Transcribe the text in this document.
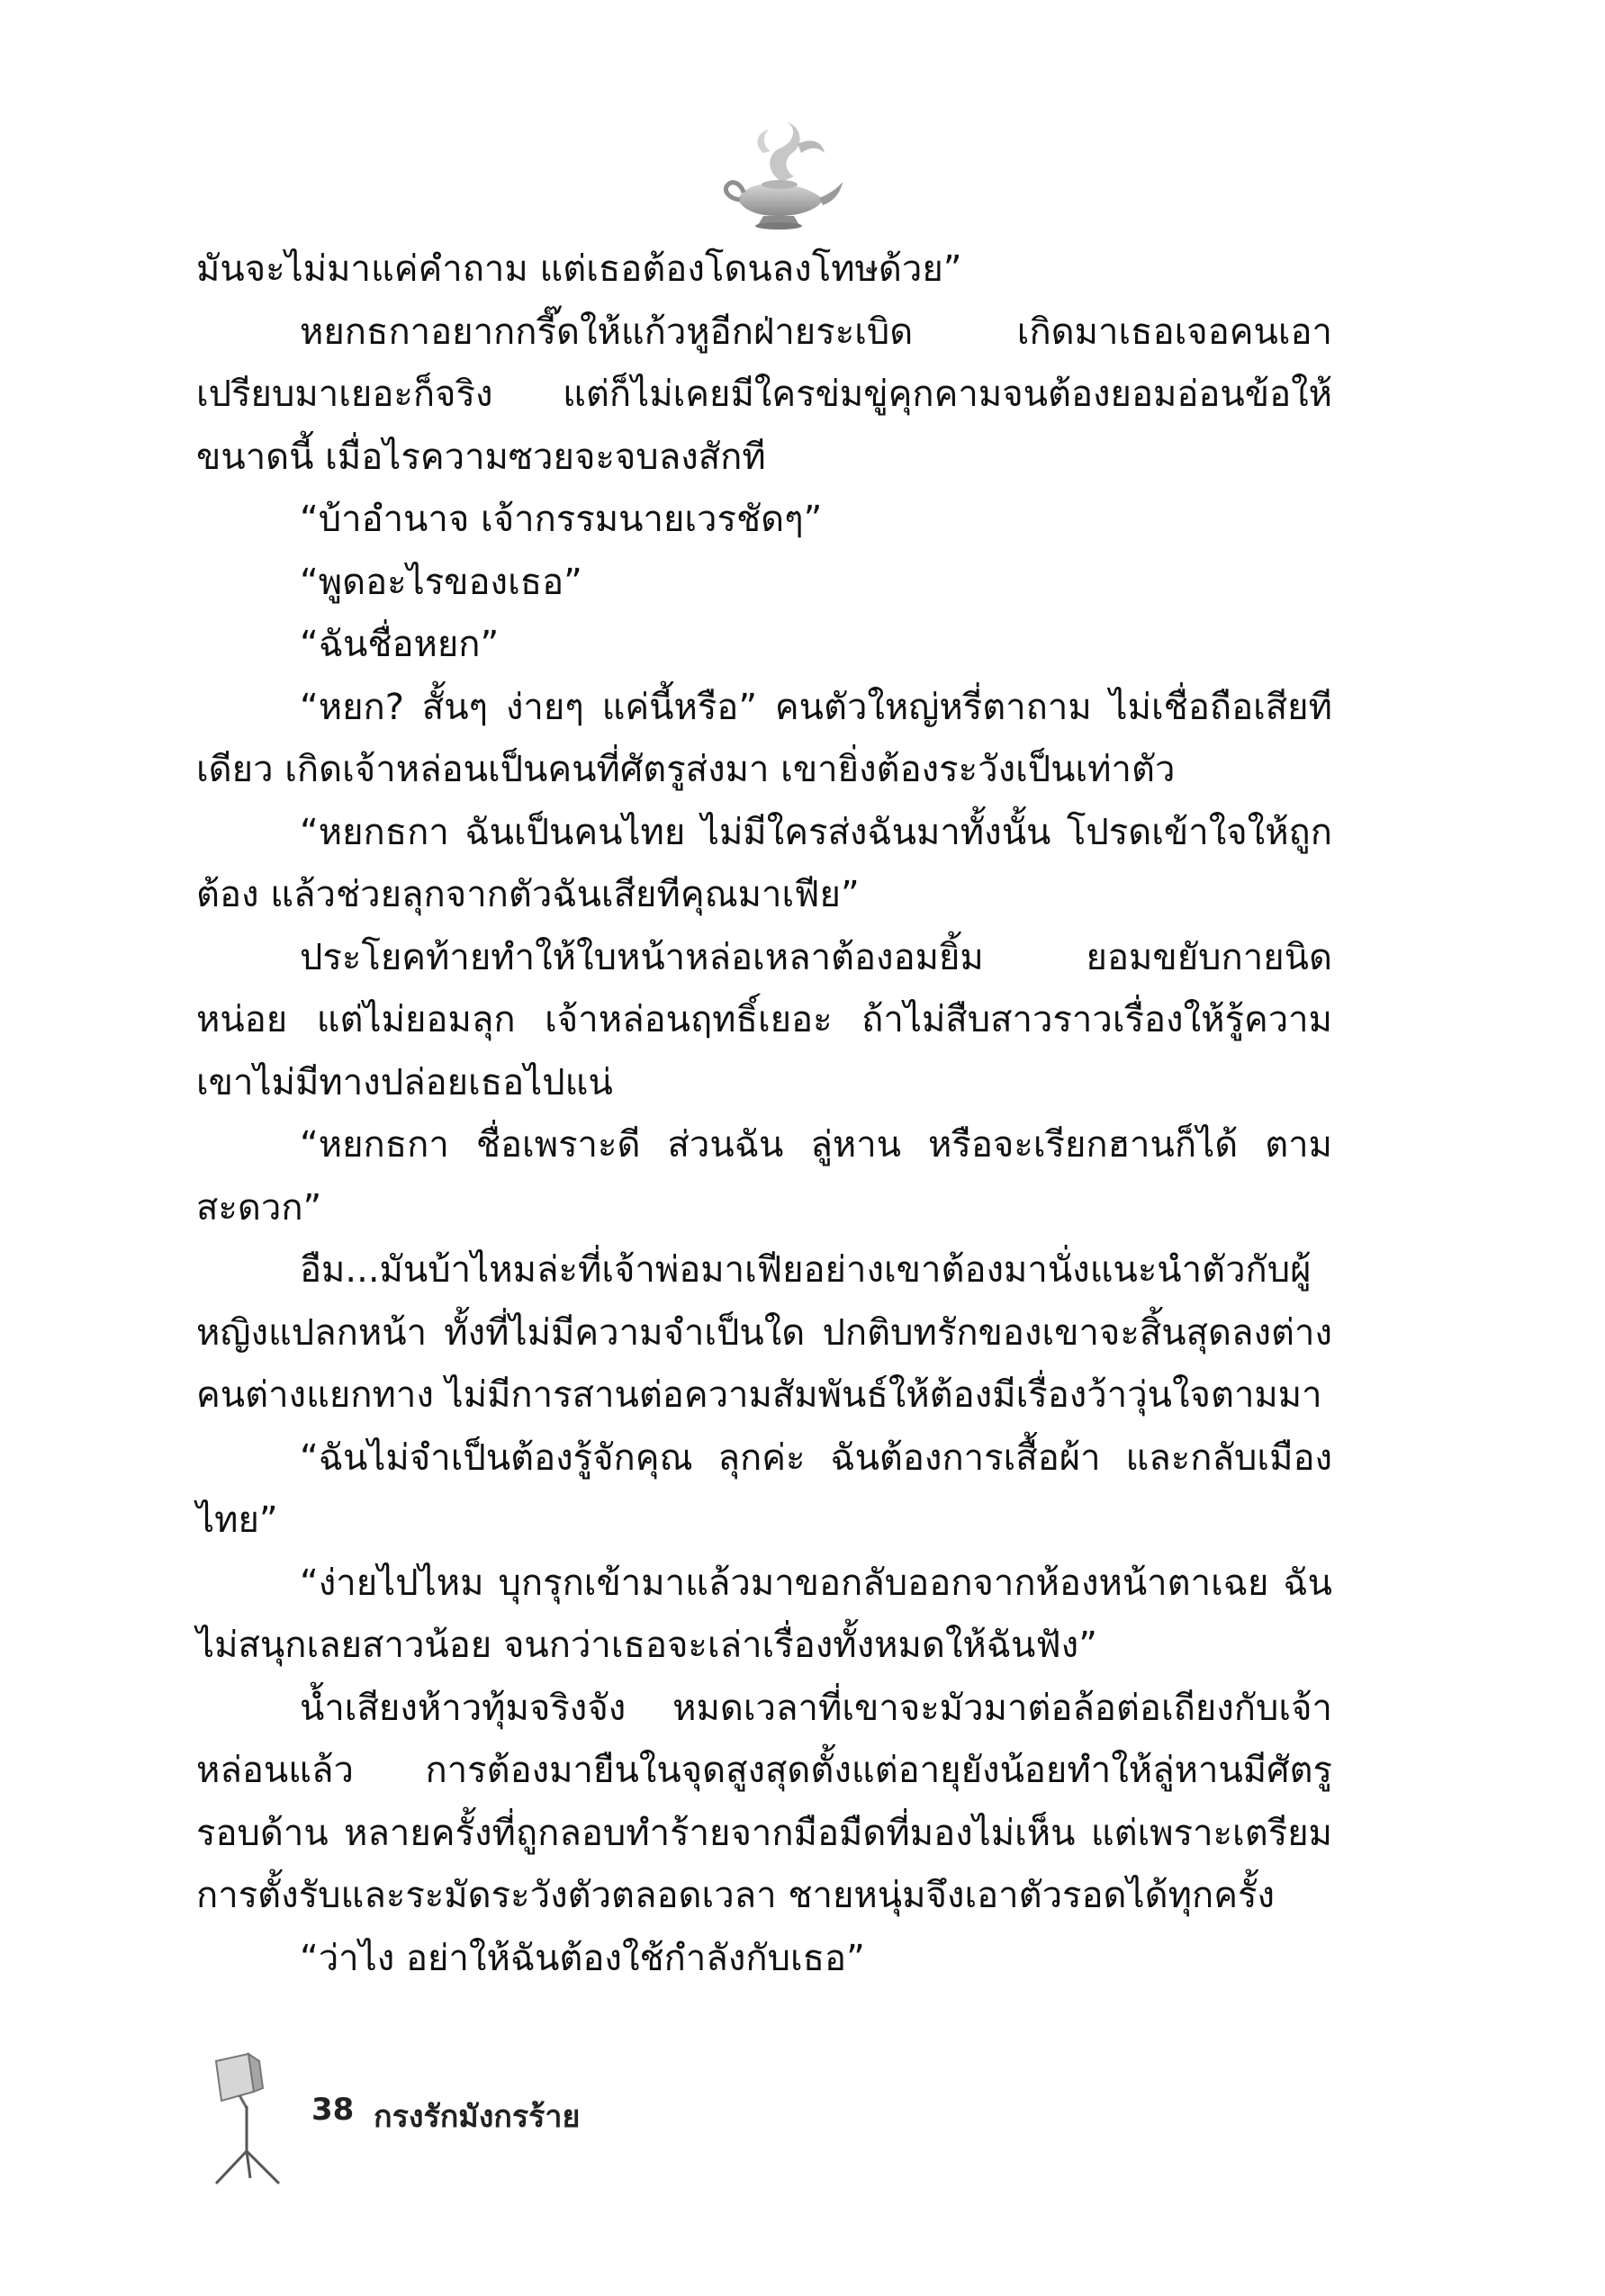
มันจะไม่มาแค่คำถาม แต่เธอต้องโดนลงโทษด้วย”

หยกธกาอยากกรี๊ดให้แก้วหูอีกฝ่ายระเบิด เกิดมาเธอเจอคนเอาเปรียบมาเยอะก็จริง แต่ก็ไม่เคยมีใครข่มขู่คุกคามจนต้องยอมอ่อนข้อให้ขนาดนี้ เมื่อไรความซวยจะจบลงสักที

“บ้าอำนาจ เจ้ากรรมนายเวรชัดๆ”

“พูดอะไรของเธอ”

“ฉันชื่อหยก”

“หยก? สั้นๆ ง่ายๆ แค่นี้หรือ” คนตัวใหญ่หรี่ตาถาม ไม่เชื่อถือเสียทีเดียว เกิดเจ้าหล่อนเป็นคนที่ศัตรูส่งมา เขายิ่งต้องระวังเป็นเท่าตัว

“หยกธกา ฉันเป็นคนไทย ไม่มีใครส่งฉันมาทั้งนั้น โปรดเข้าใจให้ถูกต้อง แล้วช่วยลุกจากตัวฉันเสียทีคุณมาเฟีย”

ประโยคท้ายทำให้ใบหน้าหล่อเหลาต้องอมยิ้ม ยอมขยับกายนิดหน่อย แต่ไม่ยอมลุก เจ้าหล่อนฤทธิ์เยอะ ถ้าไม่สืบสาวราวเรื่องให้รู้ความ เขาไม่มีทางปล่อยเธอไปแน่

“หยกธกา ชื่อเพราะดี ส่วนฉัน ลู่หาน หรือจะเรียกฮานก็ได้ ตามสะดวก”

อืม...มันบ้าไหมล่ะที่เจ้าพ่อมาเฟียอย่างเขาต้องมานั่งแนะนำตัวกับผู้หญิงแปลกหน้า ทั้งที่ไม่มีความจำเป็นใด ปกติบทรักของเขาจะสิ้นสุดลงต่างคนต่างแยกทาง ไม่มีการสานต่อความสัมพันธ์ให้ต้องมีเรื่องว้าวุ่นใจตามมา

“ฉันไม่จำเป็นต้องรู้จักคุณ ลุกค่ะ ฉันต้องการเสื้อผ้า และกลับเมืองไทย”

“ง่ายไปไหม บุกรุกเข้ามาแล้วมาขอกลับออกจากห้องหน้าตาเฉย ฉันไม่สนุกเลยสาวน้อย จนกว่าเธอจะเล่าเรื่องทั้งหมดให้ฉันฟัง”

น้ำเสียงห้าวทุ้มจริงจัง หมดเวลาที่เขาจะมัวมาต่อล้อต่อเถียงกับเจ้าหล่อนแล้ว การต้องมายืนในจุดสูงสุดตั้งแต่อายุยังน้อยทำให้ลู่หานมีศัตรูรอบด้าน หลายครั้งที่ถูกลอบทำร้ายจากมือมืดที่มองไม่เห็น แต่เพราะเตรียมการตั้งรับและระมัดระวังตัวตลอดเวลา ชายหนุ่มจึงเอาตัวรอดได้ทุกครั้ง

“ว่าไง อย่าให้ฉันต้องใช้กำลังกับเธอ”

38 กรงรักมังกรร้าย
